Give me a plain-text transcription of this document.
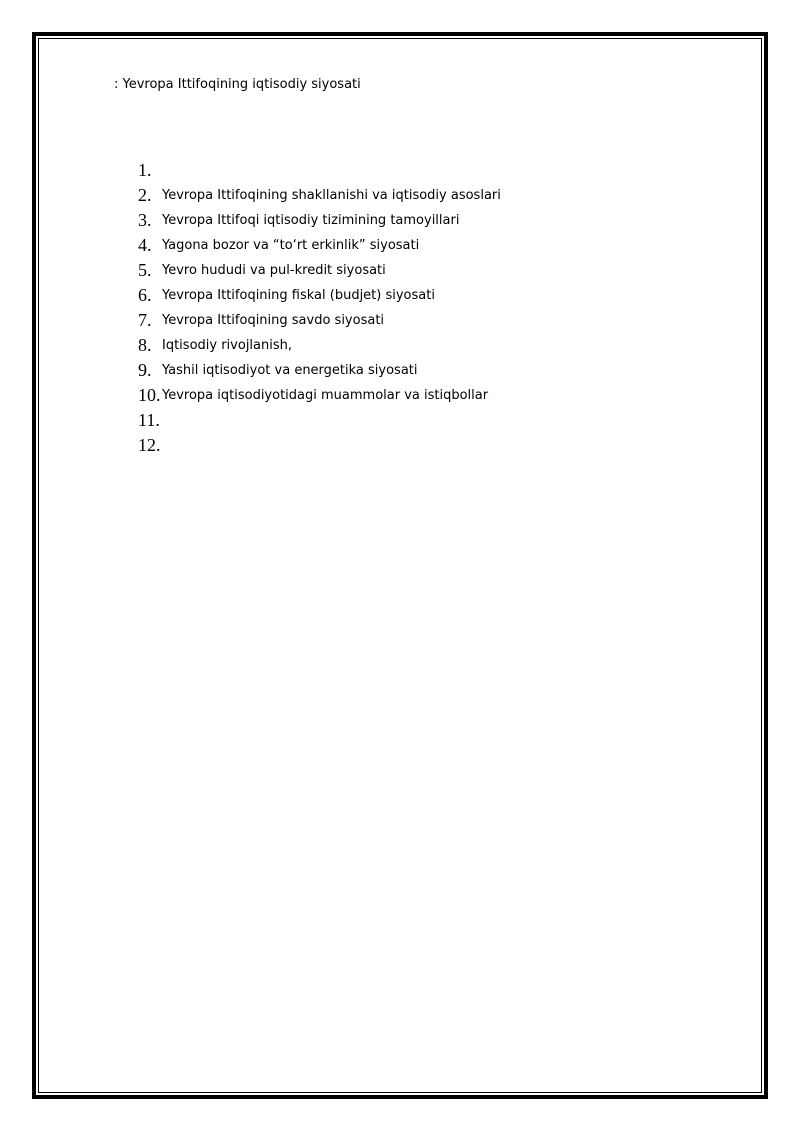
: Yevropa Ittifoqining iqtisodiy siyosati
1.
2. Yevropa Ittifoqining shakllanishi va iqtisodiy asoslari
3. Yevropa Ittifoqi iqtisodiy tizimining tamoyillari
4. Yagona bozor va “to‘rt erkinlik” siyosati
5. Yevro hududi va pul-kredit siyosati
6. Yevropa Ittifoqining fiskal (budjet) siyosati
7. Yevropa Ittifoqining savdo siyosati
8. Iqtisodiy rivojlanish,
9. Yashil iqtisodiyot va energetika siyosati
10. Yevropa iqtisodiyotidagi muammolar va istiqbollar
11.
12.
